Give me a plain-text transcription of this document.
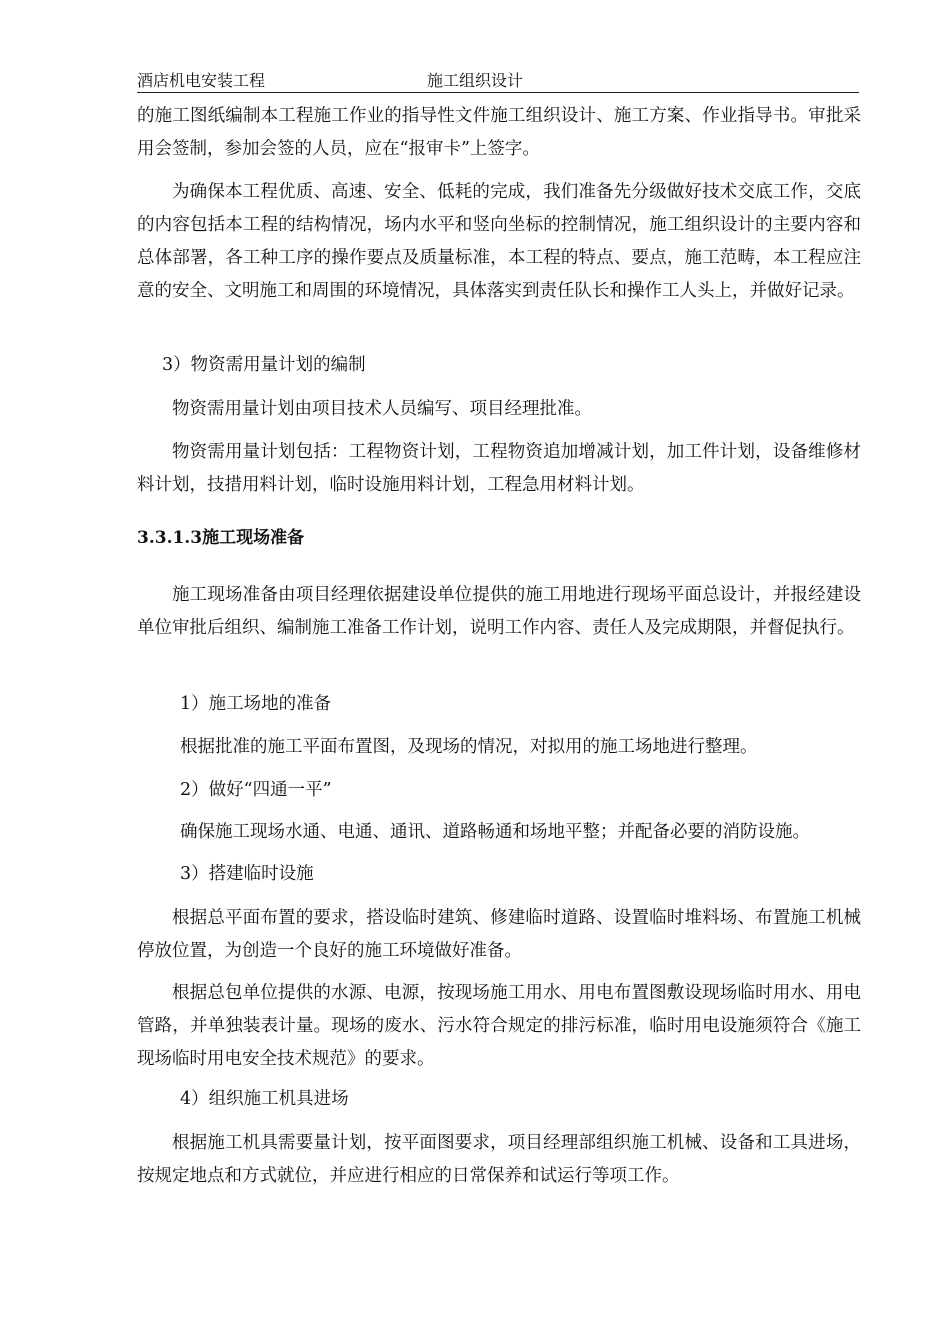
酒店机电安装工程	施工组织设计

的施工图纸编制本工程施工作业的指导性文件施工组织设计、施工方案、作业指导书。审批采用会签制，参加会签的人员，应在“报审卡”上签字。

为确保本工程优质、高速、安全、低耗的完成，我们准备先分级做好技术交底工作，交底的内容包括本工程的结构情况，场内水平和竖向坐标的控制情况，施工组织设计的主要内容和总体部署，各工种工序的操作要点及质量标准，本工程的特点、要点，施工范畴，本工程应注意的安全、文明施工和周围的环境情况，具体落实到责任队长和操作工人头上，并做好记录。

3）物资需用量计划的编制

物资需用量计划由项目技术人员编写、项目经理批准。

物资需用量计划包括：工程物资计划，工程物资追加增减计划，加工件计划，设备维修材料计划，技措用料计划，临时设施用料计划，工程急用材料计划。

3.3.1.3施工现场准备

施工现场准备由项目经理依据建设单位提供的施工用地进行现场平面总设计，并报经建设单位审批后组织、编制施工准备工作计划，说明工作内容、责任人及完成期限，并督促执行。

1）施工场地的准备

根据批准的施工平面布置图，及现场的情况，对拟用的施工场地进行整理。

2）做好“四通一平”

确保施工现场水通、电通、通讯、道路畅通和场地平整；并配备必要的消防设施。

3）搭建临时设施

根据总平面布置的要求，搭设临时建筑、修建临时道路、设置临时堆料场、布置施工机械停放位置，为创造一个良好的施工环境做好准备。

根据总包单位提供的水源、电源，按现场施工用水、用电布置图敷设现场临时用水、用电管路，并单独装表计量。现场的废水、污水符合规定的排污标准，临时用电设施须符合《施工现场临时用电安全技术规范》的要求。

4）组织施工机具进场

根据施工机具需要量计划，按平面图要求，项目经理部组织施工机械、设备和工具进场，按规定地点和方式就位，并应进行相应的日常保养和试运行等项工作。
